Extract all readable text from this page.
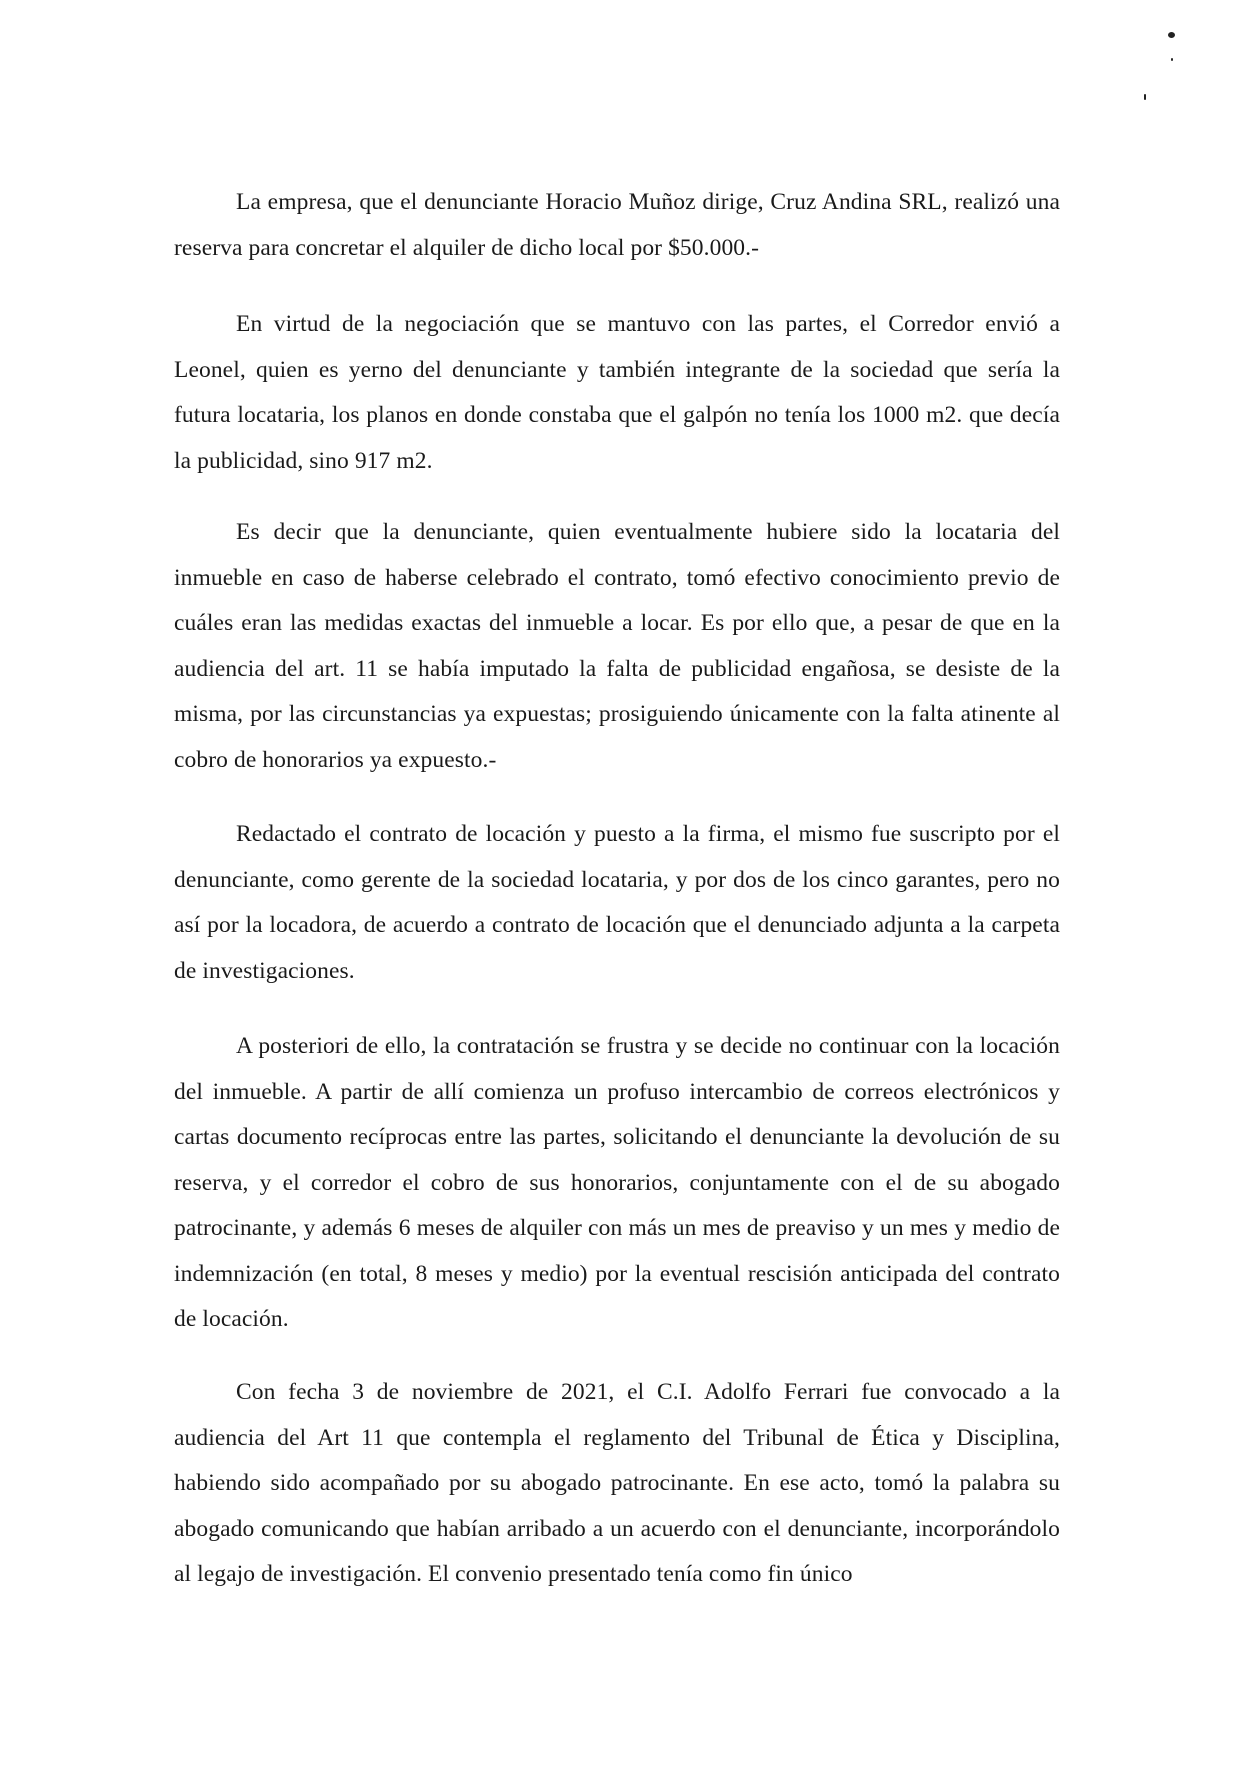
La empresa, que el denunciante Horacio Muñoz dirige, Cruz Andina SRL, realizó una reserva para concretar el alquiler de dicho local por $50.000.-

En virtud de la negociación que se mantuvo con las partes, el Corredor envió a Leonel, quien es yerno del denunciante y también integrante de la sociedad que sería la futura locataria, los planos en donde constaba que el galpón no tenía los 1000 m2. que decía la publicidad, sino 917 m2.

Es decir que la denunciante, quien eventualmente hubiere sido la locataria del inmueble en caso de haberse celebrado el contrato, tomó efectivo conocimiento previo de cuáles eran las medidas exactas del inmueble a locar. Es por ello que, a pesar de que en la audiencia del art. 11 se había imputado la falta de publicidad engañosa, se desiste de la misma, por las circunstancias ya expuestas; prosiguiendo únicamente con la falta atinente al cobro de honorarios ya expuesto.-

Redactado el contrato de locación y puesto a la firma, el mismo fue suscripto por el denunciante, como gerente de la sociedad locataria, y por dos de los cinco garantes, pero no así por la locadora, de acuerdo a contrato de locación que el denunciado adjunta a la carpeta de investigaciones.

A posteriori de ello, la contratación se frustra y se decide no continuar con la locación del inmueble. A partir de allí comienza un profuso intercambio de correos electrónicos y cartas documento recíprocas entre las partes, solicitando el denunciante la devolución de su reserva, y el corredor el cobro de sus honorarios, conjuntamente con el de su abogado patrocinante, y además 6 meses de alquiler con más un mes de preaviso y un mes y medio de indemnización (en total, 8 meses y medio) por la eventual rescisión anticipada del contrato de locación.

Con fecha 3 de noviembre de 2021, el C.I. Adolfo Ferrari fue convocado a la audiencia del Art 11 que contempla el reglamento del Tribunal de Ética y Disciplina, habiendo sido acompañado por su abogado patrocinante. En ese acto, tomó la palabra su abogado comunicando que habían arribado a un acuerdo con el denunciante, incorporándolo al legajo de investigación. El convenio presentado tenía como fin único
